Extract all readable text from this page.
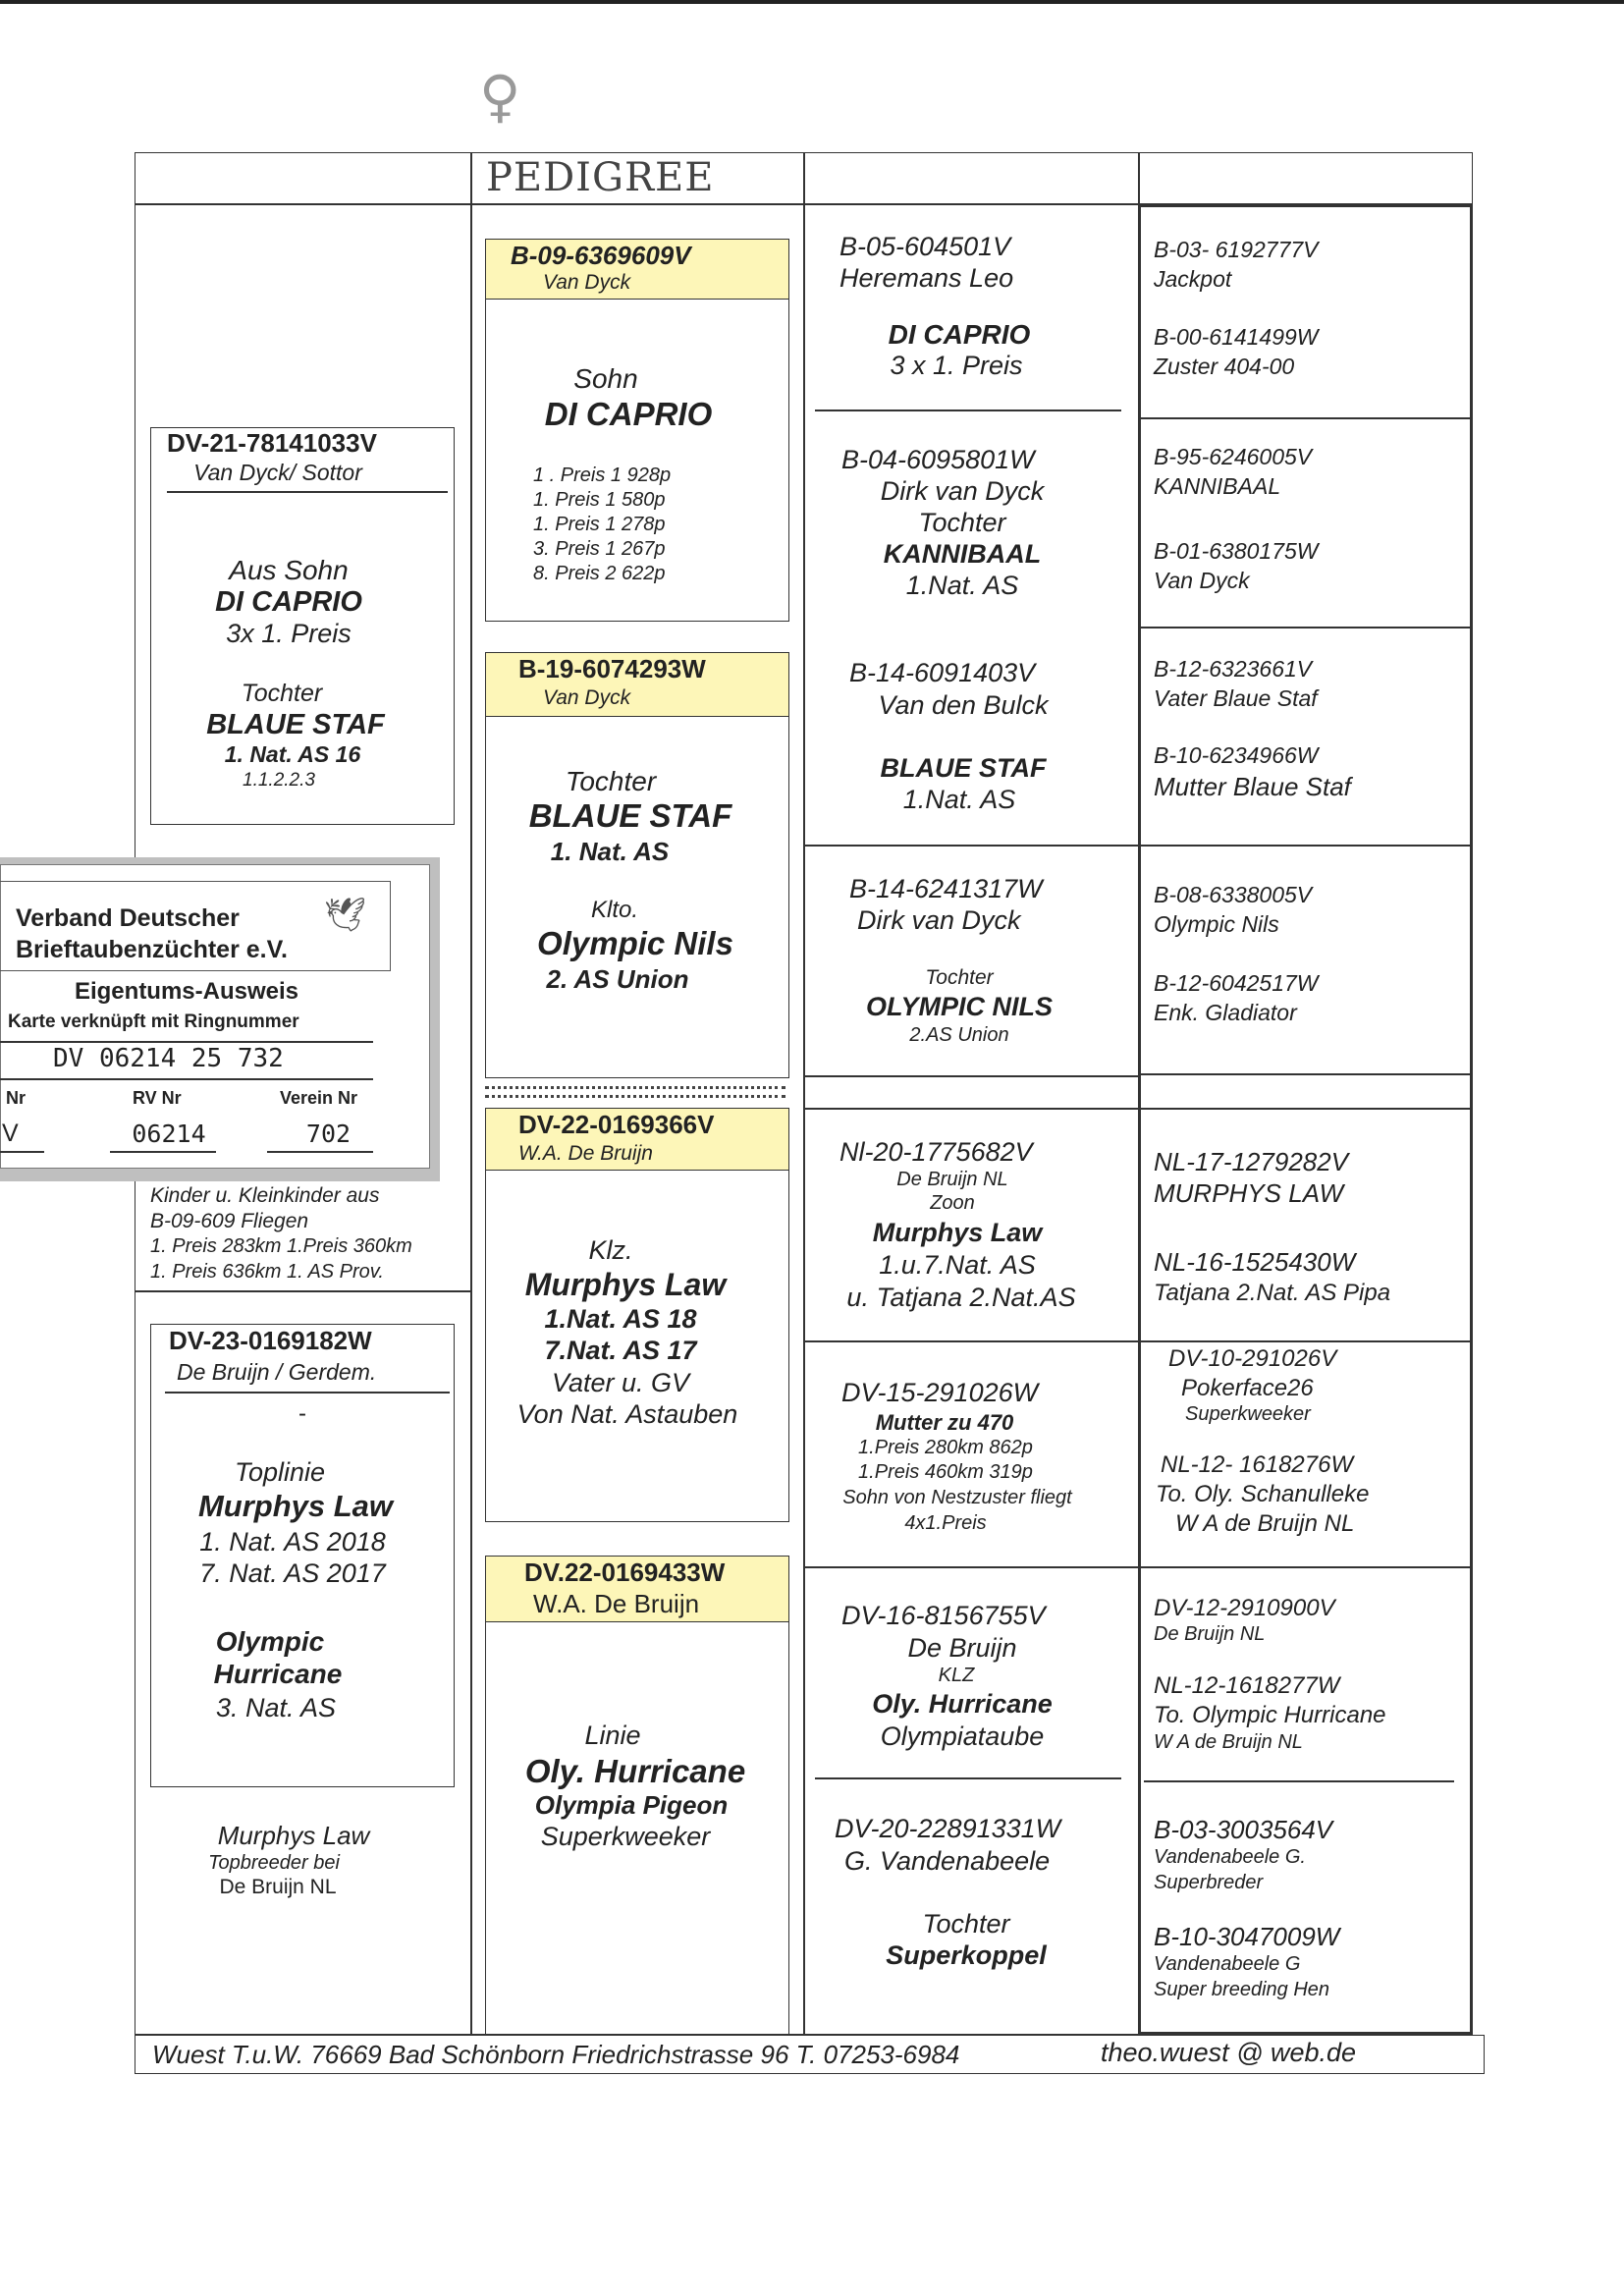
♀
PEDIGREE
DV-21-78141033V
Van Dyck/ Sottor
Aus Sohn
DI CAPRIO
3x 1. Preis
Tochter
BLAUE STAF
1. Nat. AS 16
1.1.2.2.3
Verband Deutscher
Brieftaubenzüchter e.V.
🕊
Eigentums-Ausweis
Karte verknüpft mit Ringnummer
DV 06214 25 732
Nr	RV Nr	Verein Nr
V	06214	702
Kinder u. Kleinkinder aus
B-09-609 Fliegen
1. Preis 283km 1.Preis 360km
1. Preis 636km 1. AS Prov.
DV-23-0169182W
De Bruijn / Gerdem.
-
Toplinie
Murphys Law
1. Nat. AS 2018
7. Nat. AS 2017
Olympic
Hurricane
3. Nat. AS
Murphys Law
Topbreeder bei
De Bruijn NL
B-09-6369609V
Van Dyck
Sohn
DI CAPRIO
1 . Preis 1 928p
1. Preis 1 580p
1. Preis 1 278p
3. Preis 1 267p
8. Preis 2 622p
B-19-6074293W
Van Dyck
Tochter
BLAUE STAF
1. Nat. AS
Klto.
Olympic Nils
2. AS Union
DV-22-0169366V
W.A. De Bruijn
Klz.
Murphys Law
1.Nat. AS 18
7.Nat. AS 17
Vater u. GV
Von Nat. Astauben
DV.22-0169433W
W.A. De Bruijn
Linie
Oly. Hurricane
Olympia Pigeon
Superkweeker
B-05-604501V
Heremans Leo
DI CAPRIO
3 x 1. Preis
B-04-6095801W
Dirk van Dyck
Tochter
KANNIBAAL
1.Nat. AS
B-14-6091403V
Van den Bulck
BLAUE STAF
1.Nat. AS
B-14-6241317W
Dirk van Dyck
Tochter
OLYMPIC NILS
2.AS Union
Nl-20-1775682V
De Bruijn NL
Zoon
Murphys Law
1.u.7.Nat. AS
u. Tatjana 2.Nat.AS
DV-15-291026W
Mutter zu 470
1.Preis 280km 862p
1.Preis 460km 319p
Sohn von Nestzuster fliegt
4x1.Preis
DV-16-8156755V
De Bruijn
KLZ
Oly. Hurricane
Olympiataube
DV-20-22891331W
G. Vandenabeele
Tochter
Superkoppel
B-03- 6192777V
Jackpot
B-00-6141499W
Zuster 404-00
B-95-6246005V
KANNIBAAL
B-01-6380175W
Van Dyck
B-12-6323661V
Vater Blaue Staf
B-10-6234966W
Mutter Blaue Staf
B-08-6338005V
Olympic Nils
B-12-6042517W
Enk. Gladiator
NL-17-1279282V
MURPHYS LAW
NL-16-1525430W
Tatjana 2.Nat. AS Pipa
DV-10-291026V
Pokerface26
Superkweeker
NL-12- 1618276W
To. Oly. Schanulleke
W A de Bruijn NL
DV-12-2910900V
De Bruijn NL
NL-12-1618277W
To. Olympic Hurricane
W A de Bruijn NL
B-03-3003564V
Vandenabeele G.
Superbreder
B-10-3047009W
Vandenabeele G
Super breeding Hen
Wuest T.u.W. 76669 Bad Schönborn Friedrichstrasse 96 T. 07253-6984	theo.wuest @ web.de
